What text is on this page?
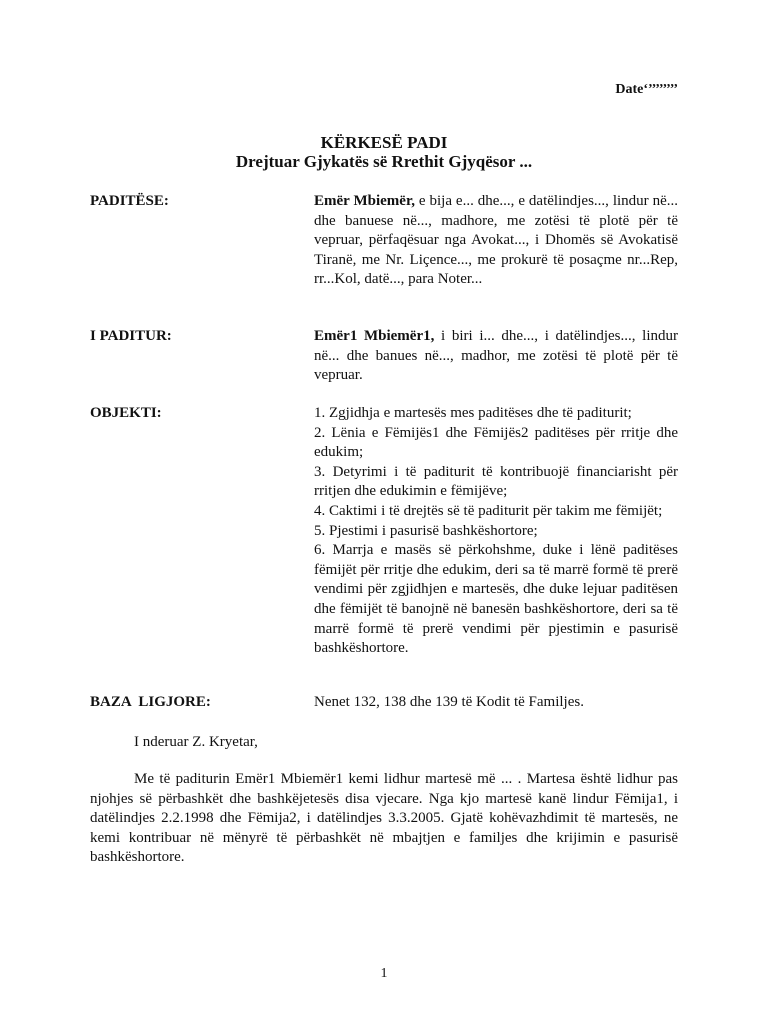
Date‘’’’’’’’’
KËRKESË PADI
Drejtuar Gjykatës së Rrethit Gjyqësor ...
PADITËSE:	Emër Mbiemër, e bija e... dhe..., e datëlindjes..., lindur në... dhe banuese në..., madhore, me zotësi të plotë për të vepruar, përfaqësuar nga Avokat..., i Dhomës së Avokatisë Tiranë, me Nr. Liçence..., me prokurë të posaçme nr...Rep, rr...Kol, datë..., para Noter...
I PADITUR:	Emër1 Mbiemër1, i biri i... dhe..., i datëlindjes..., lindur në... dhe banues në..., madhor, me zotësi të plotë për të vepruar.
OBJEKTI:	1. Zgjidhja e martesës mes paditëses dhe të paditurit;
2. Lënia e Fëmijës1 dhe Fëmijës2 paditëses për rritje dhe edukim;
3. Detyrimi i të paditurit të kontribuojë financiarisht për rritjen dhe edukimin e fëmijëve;
4. Caktimi i të drejtës së të paditurit për takim me fëmijët;
5. Pjestimi i pasurisë bashkëshortore;
6. Marrja e masës së përkohshme, duke i lënë paditëses fëmijët për rritje dhe edukim, deri sa të marrë formë të prerë vendimi për zgjidhjen e martesës, dhe duke lejuar paditësen dhe fëmijët të banojnë në banesën bashkëshortore, deri sa të marrë formë të prerë vendimi për pjestimin e pasurisë bashkëshortore.
BAZA  LIGJORE:	Nenet 132, 138 dhe 139 të Kodit të Familjes.
I nderuar Z. Kryetar,
Me të paditurin Emër1 Mbiemër1 kemi lidhur martesë më ... . Martesa është lidhur pas njohjes së përbashkët dhe bashkëjetesës disa vjecare. Nga kjo martesë kanë lindur Fëmija1, i datëlindjes 2.2.1998 dhe Fëmija2, i datëlindjes 3.3.2005. Gjatë kohëvazhdimit të martesës, ne kemi kontribuar në mënyrë të përbashkët në mbajtjen e familjes dhe krijimin e pasurisë bashkëshortore.
1
